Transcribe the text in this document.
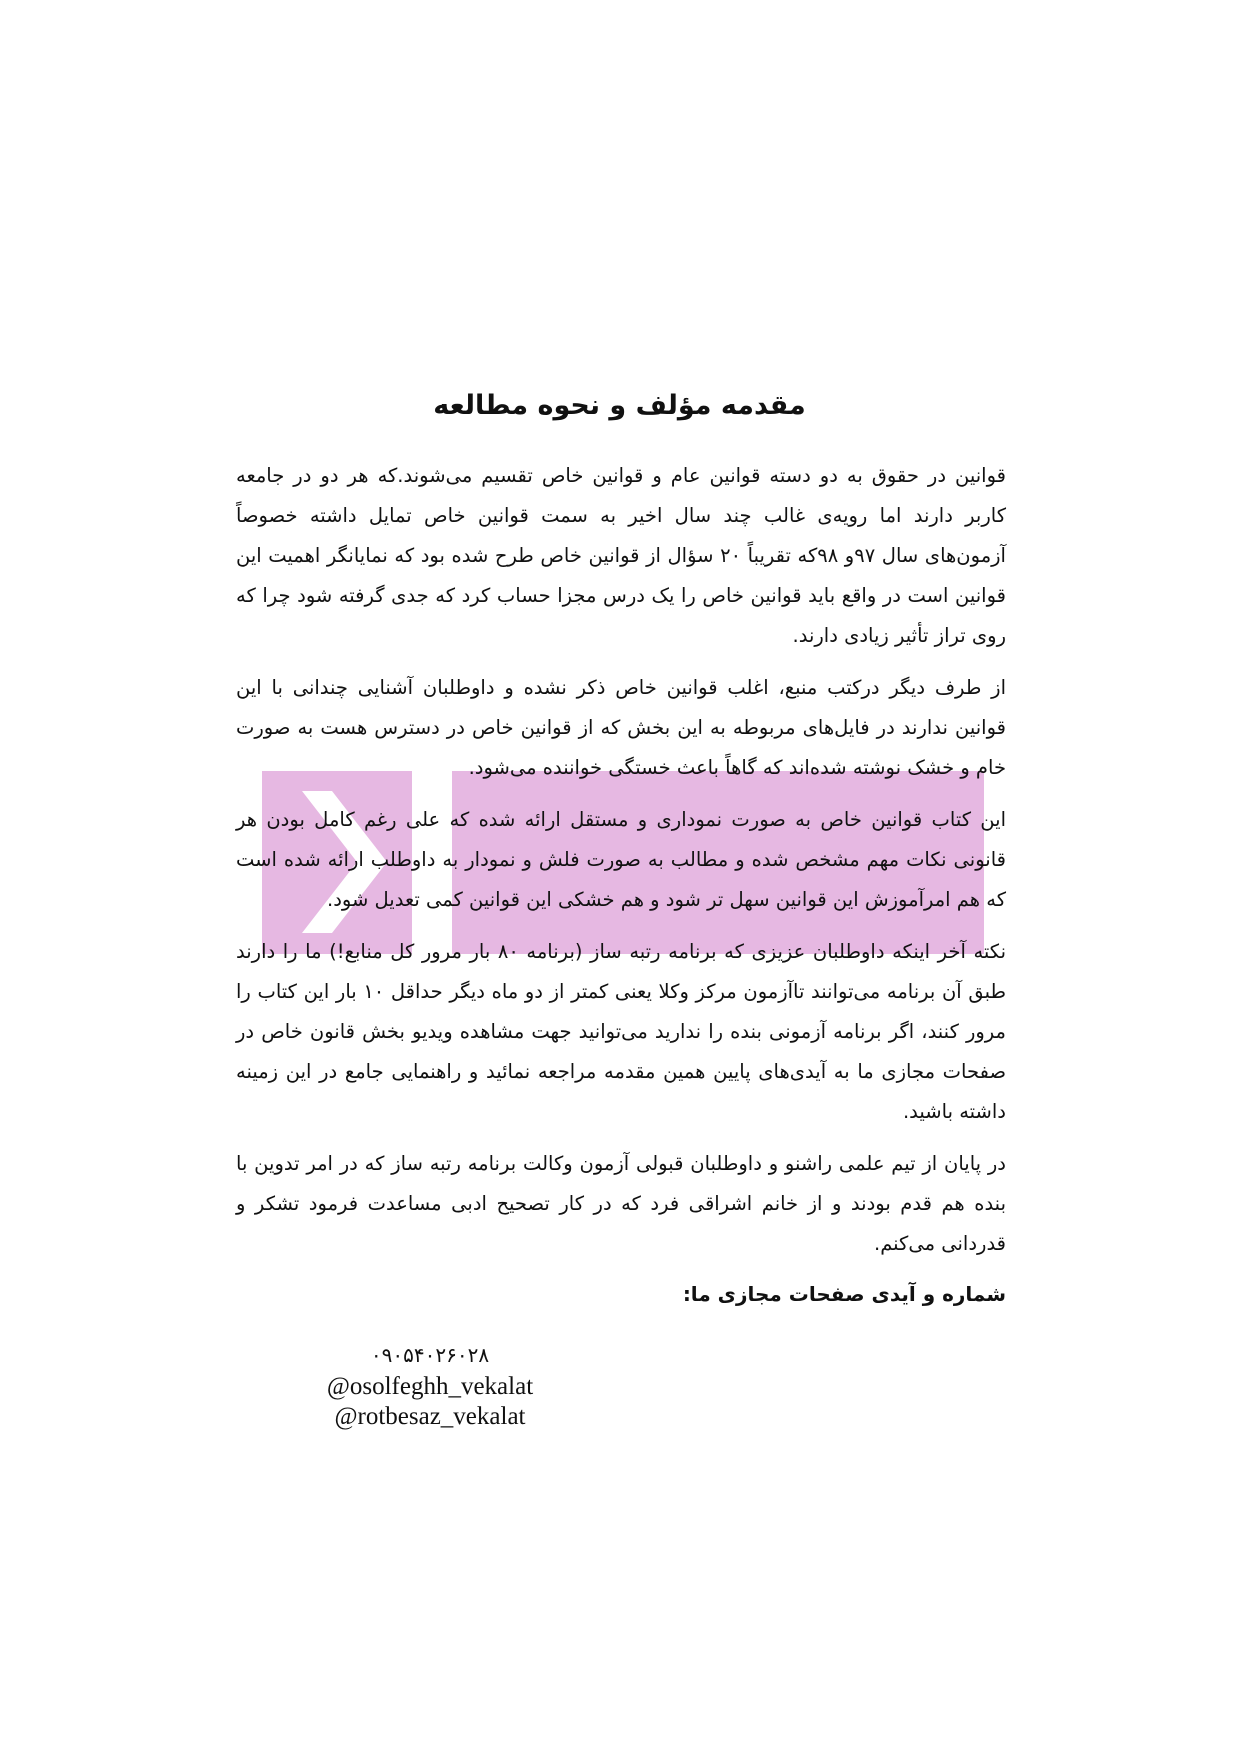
مقدمه مؤلف و نحوه مطالعه

قوانین در حقوق به دو دسته قوانین عام و قوانین خاص تقسیم می‌شوند.که هر دو در جامعه کاربر دارند اما رویه‌ی غالب چند سال اخیر به سمت قوانین خاص تمایل داشته خصوصاً آزمون‌های سال ۹۷و ۹۸که تقریباً ۲۰ سؤال از قوانین خاص طرح شده بود که نمایانگر اهمیت این قوانین است در واقع باید قوانین خاص را یک درس مجزا حساب کرد که جدی گرفته شود چرا که روی تراز تأثیر زیادی دارند.

از طرف دیگر درکتب منبع، اغلب قوانین خاص ذکر نشده و داوطلبان آشنایی چندانی با این قوانین ندارند در فایل‌های مربوطه به این بخش که از قوانین خاص در دسترس هست به صورت خام و خشک نوشته شده‌اند که گاهاً باعث خستگی خواننده می‌شود.

این کتاب قوانین خاص به صورت نموداری و مستقل ارائه شده که علی رغم کامل بودن هر قانونی نکات مهم مشخص شده و مطالب به صورت فلش و نمودار به داوطلب ارائه شده است که هم امرآموزش این قوانین سهل تر شود و هم خشکی این قوانین کمی تعدیل شود.

نکته آخر اینکه داوطلبان عزیزی که برنامه رتبه ساز (برنامه ۸۰ بار مرور کل منابع!) ما را دارند طبق آن برنامه می‌توانند تاآزمون مرکز وکلا یعنی کمتر از دو ماه دیگر حداقل ۱۰ بار این کتاب را مرور کنند، اگر برنامه آزمونی بنده را ندارید می‌توانید جهت مشاهده ویدیو بخش قانون خاص در صفحات مجازی ما به آیدی‌های پایین همین مقدمه مراجعه نمائید و راهنمایی جامع در این زمینه داشته باشید.

در پایان از تیم علمی راشنو و داوطلبان قبولی آزمون وکالت برنامه رتبه ساز که در امر تدوین با بنده هم قدم بودند و از خانم اشراقی فرد که در کار تصحیح ادبی مساعدت فرمود تشکر و قدردانی می‌کنم.

شماره و آیدی صفحات مجازی ما:
۰۹۰۵۴۰۲۶۰۲۸
@osolfeghh_vekalat
@rotbesaz_vekalat
